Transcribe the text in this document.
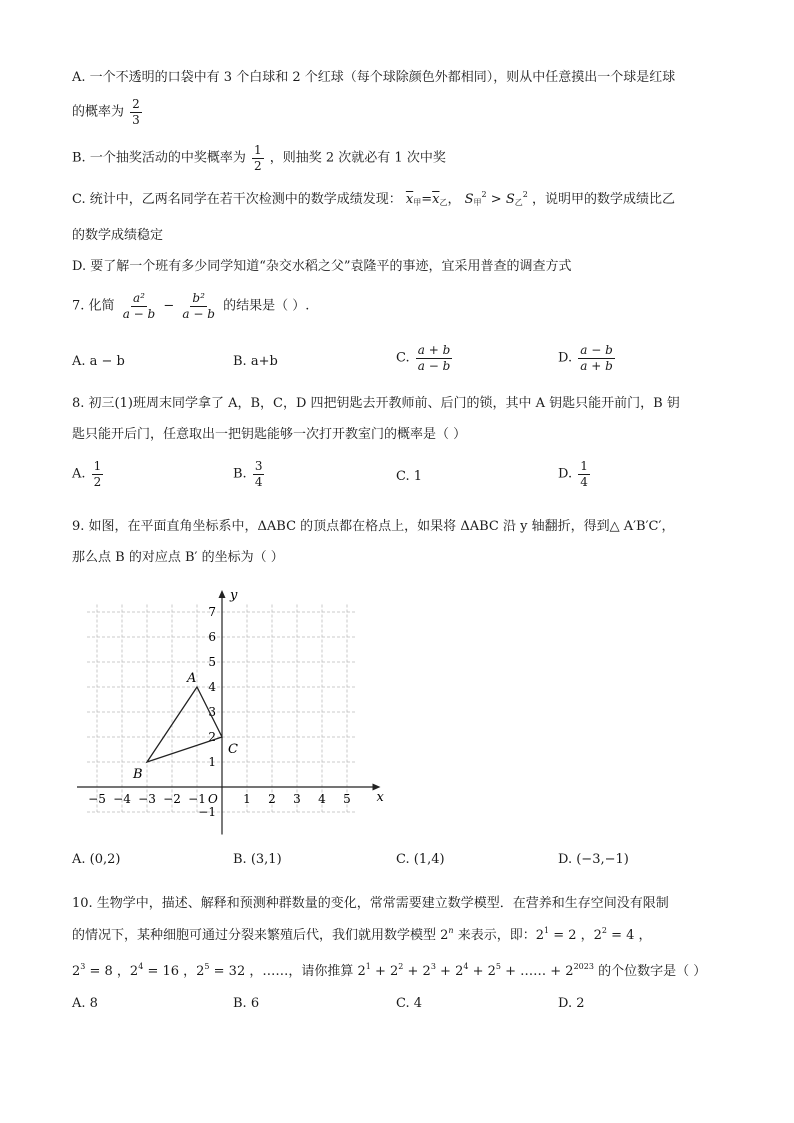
A. 一个不透明的口袋中有 3 个白球和 2 个红球（每个球除颜色外都相同），则从中任意摸出一个球是红球
的概率为 $\frac{2}{3}$
B. 一个抽奖活动的中奖概率为 $\frac{1}{2}$ ，则抽奖 2 次就必有 1 次中奖
C. 统计中，乙两名同学在若干次检测中的数学成绩发现： $\overline{x}_甲=\overline{x}_乙$， $S_甲^2 > S_乙^2$ ，说明甲的数学成绩比乙
的数学成绩稳定
D. 要了解一个班有多少同学知道“杂交水稻之父”袁隆平的事迹，宜采用普查的调查方式
7. 化简 $\frac{\text{a²}}{a - b} - \frac{\text{b²}}{a - b}$ 的结果是（ ）.
A. a − b	B. a+b	C. $\frac{a + b}{a - b}$	D. $\frac{a - b}{a + b}$
8. 初三(1)班周末同学拿了 A，B，C，D 四把钥匙去开教师前、后门的锁，其中 A 钥匙只能开前门，B 钥
匙只能开后门，任意取出一把钥匙能够一次打开教室门的概率是（ ）
A. $\frac{1}{2}$	B. $\frac{3}{4}$	C. 1	D. $\frac{1}{4}$
9. 如图，在平面直角坐标系中，ΔABC 的顶点都在格点上，如果将 ΔABC 沿 y 轴翻折，得到△ A′B′C′，
那么点 B 的对应点 B′ 的坐标为（ ）
x
y
O
−5 −4 −3 −2 −1	1 2 3 4 5
7
6
5
4
3
2
1
−1
A
B
C
A. (0,2)	B. (3,1)	C. (1,4)	D. (−3,−1)
10. 生物学中，描述、解释和预测种群数量的变化，常常需要建立数学模型．在营养和生存空间没有限制
的情况下，某种细胞可通过分裂来繁殖后代，我们就用数学模型 2$^n$ 来表示，即：$2^1 = 2$ ，$2^2 = 4$ ，
$2^3 = 8$ ，$2^4 = 16$ ，$2^5 = 32$ ，……，请你推算 $2^1 + 2^2 + 2^3 + 2^4 + 2^5$ + …… + $2^{2023}$ 的个位数字是（ ）
A. 8	B. 6	C. 4	D. 2
